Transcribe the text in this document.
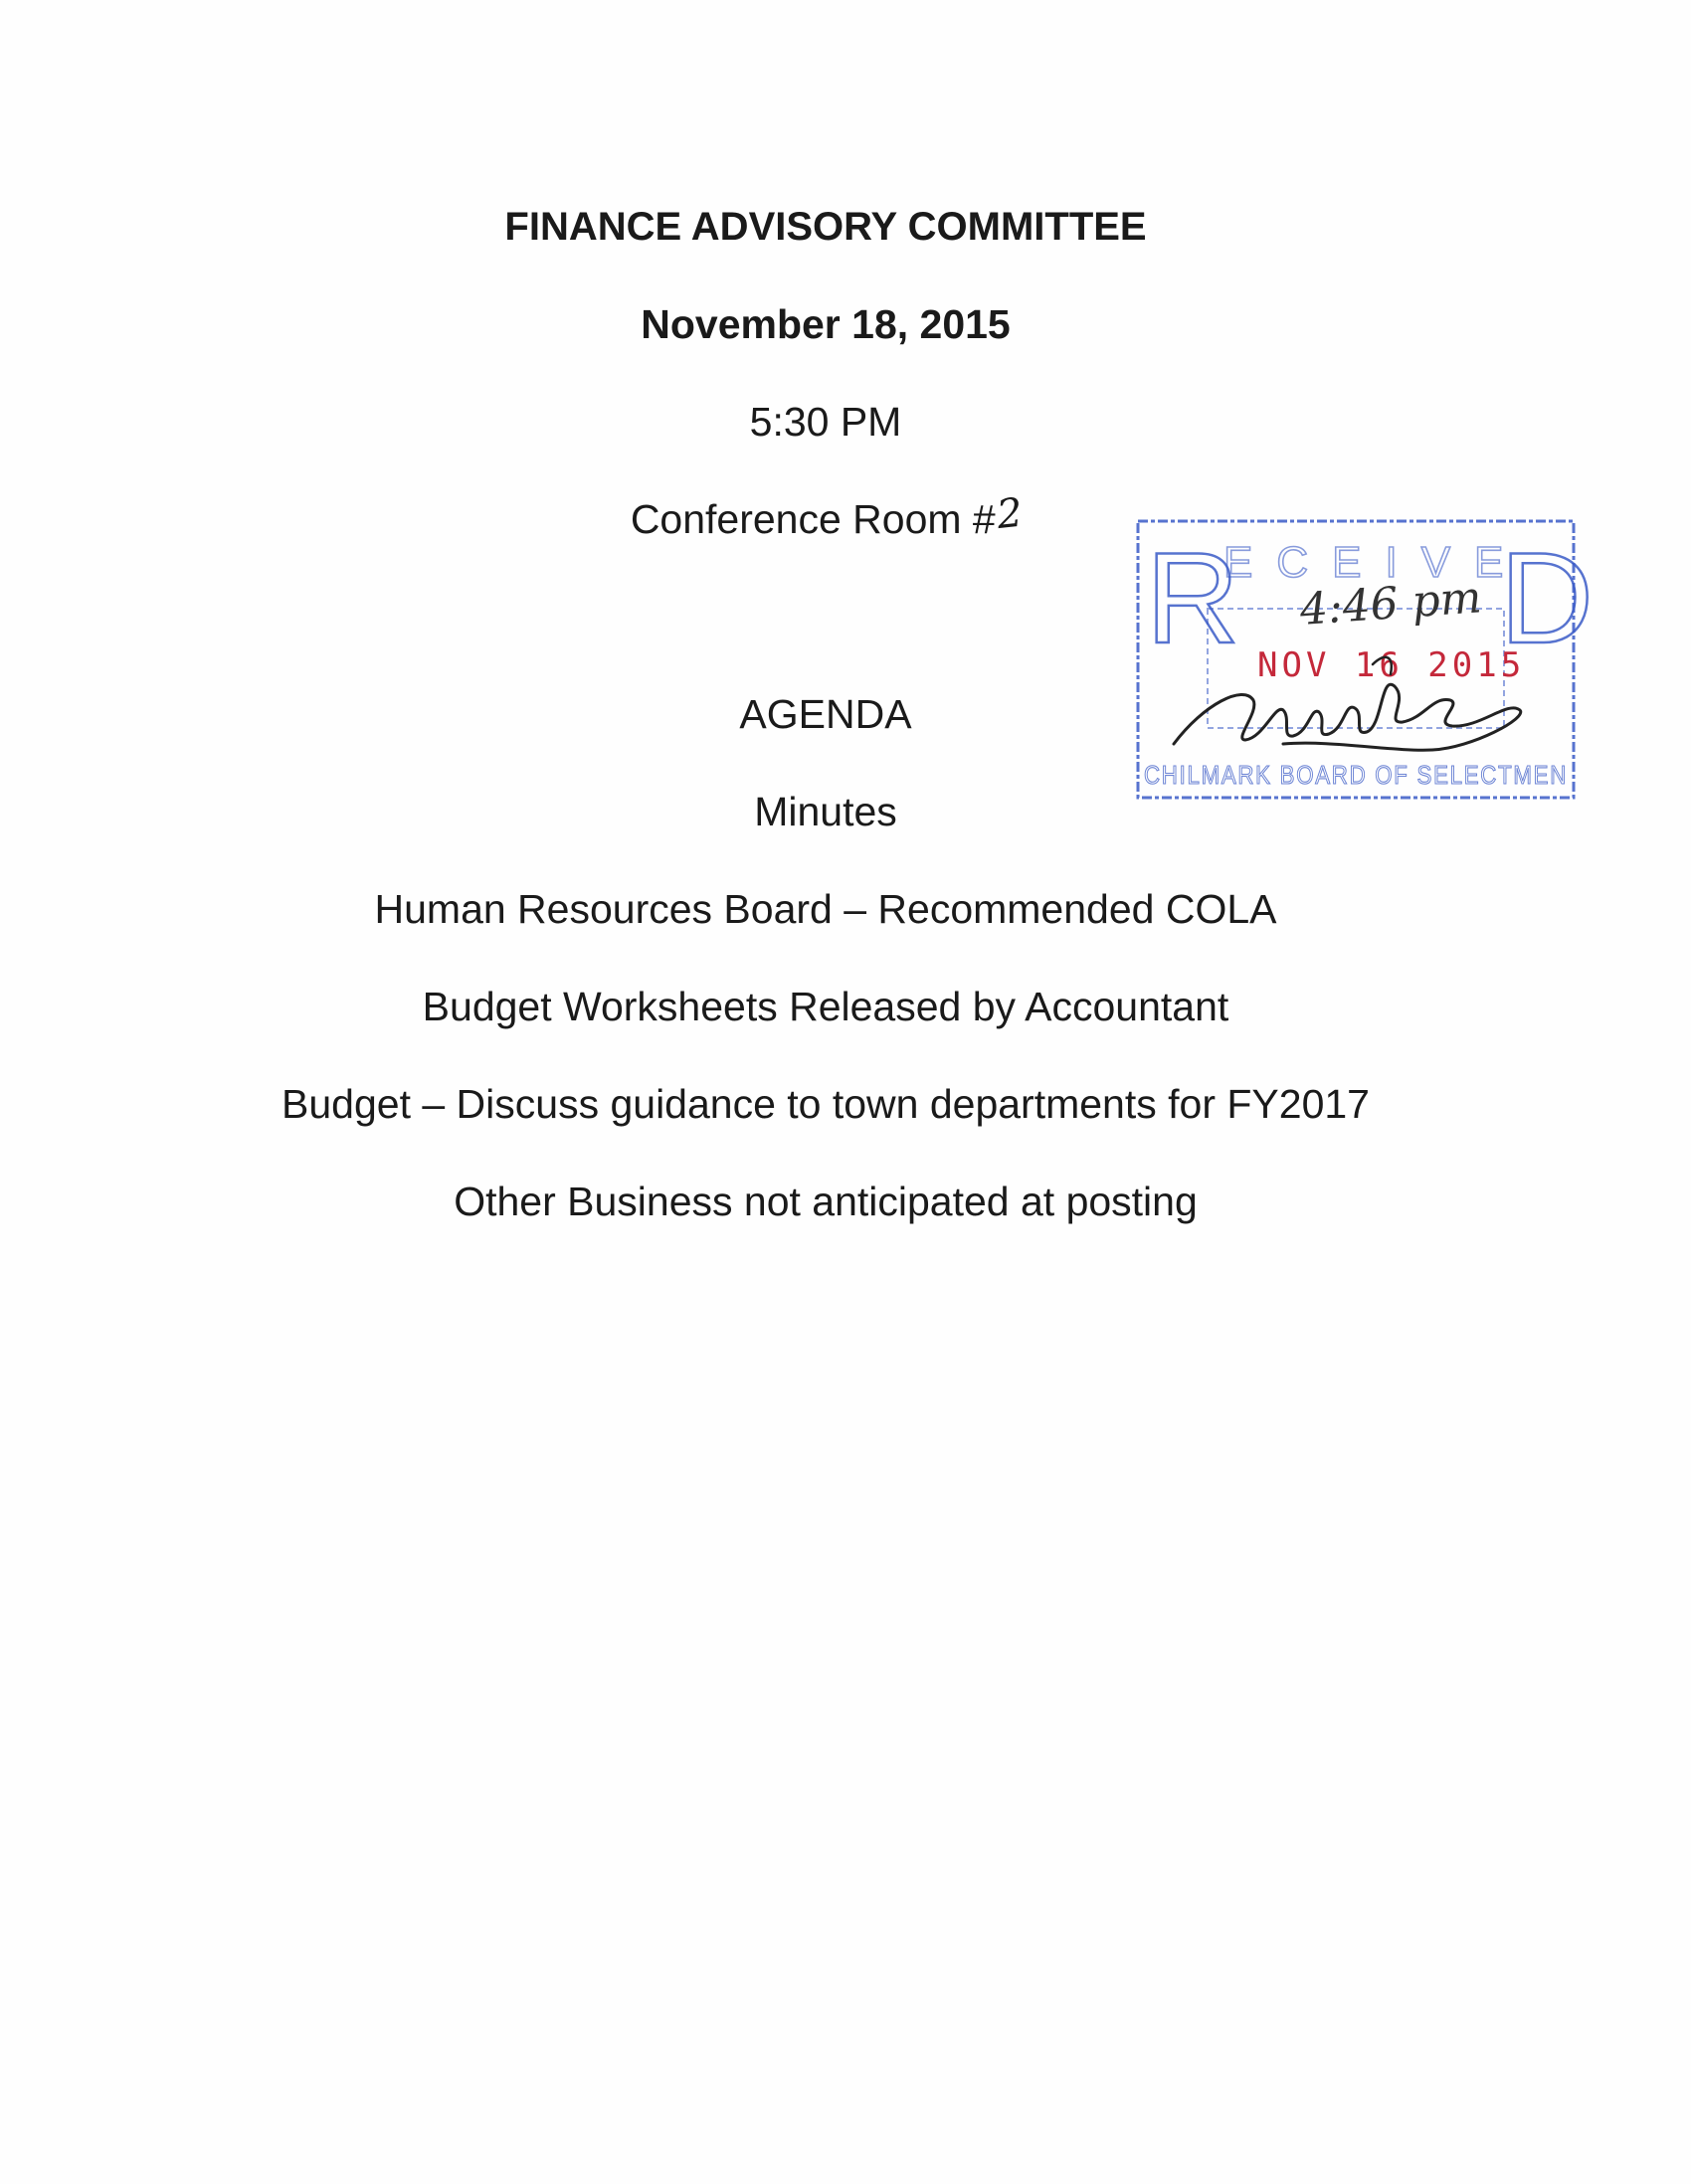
FINANCE ADVISORY COMMITTEE
November 18, 2015
5:30 PM
Conference Room #2
AGENDA
Minutes
Human Resources Board – Recommended COLA
Budget Worksheets Released by Accountant
Budget – Discuss guidance to town departments for FY2017
Other Business not anticipated at posting
R
ECEIVE
D
4:46 pm
NOV 16 2015
CHILMARK BOARD OF SELECTMEN
